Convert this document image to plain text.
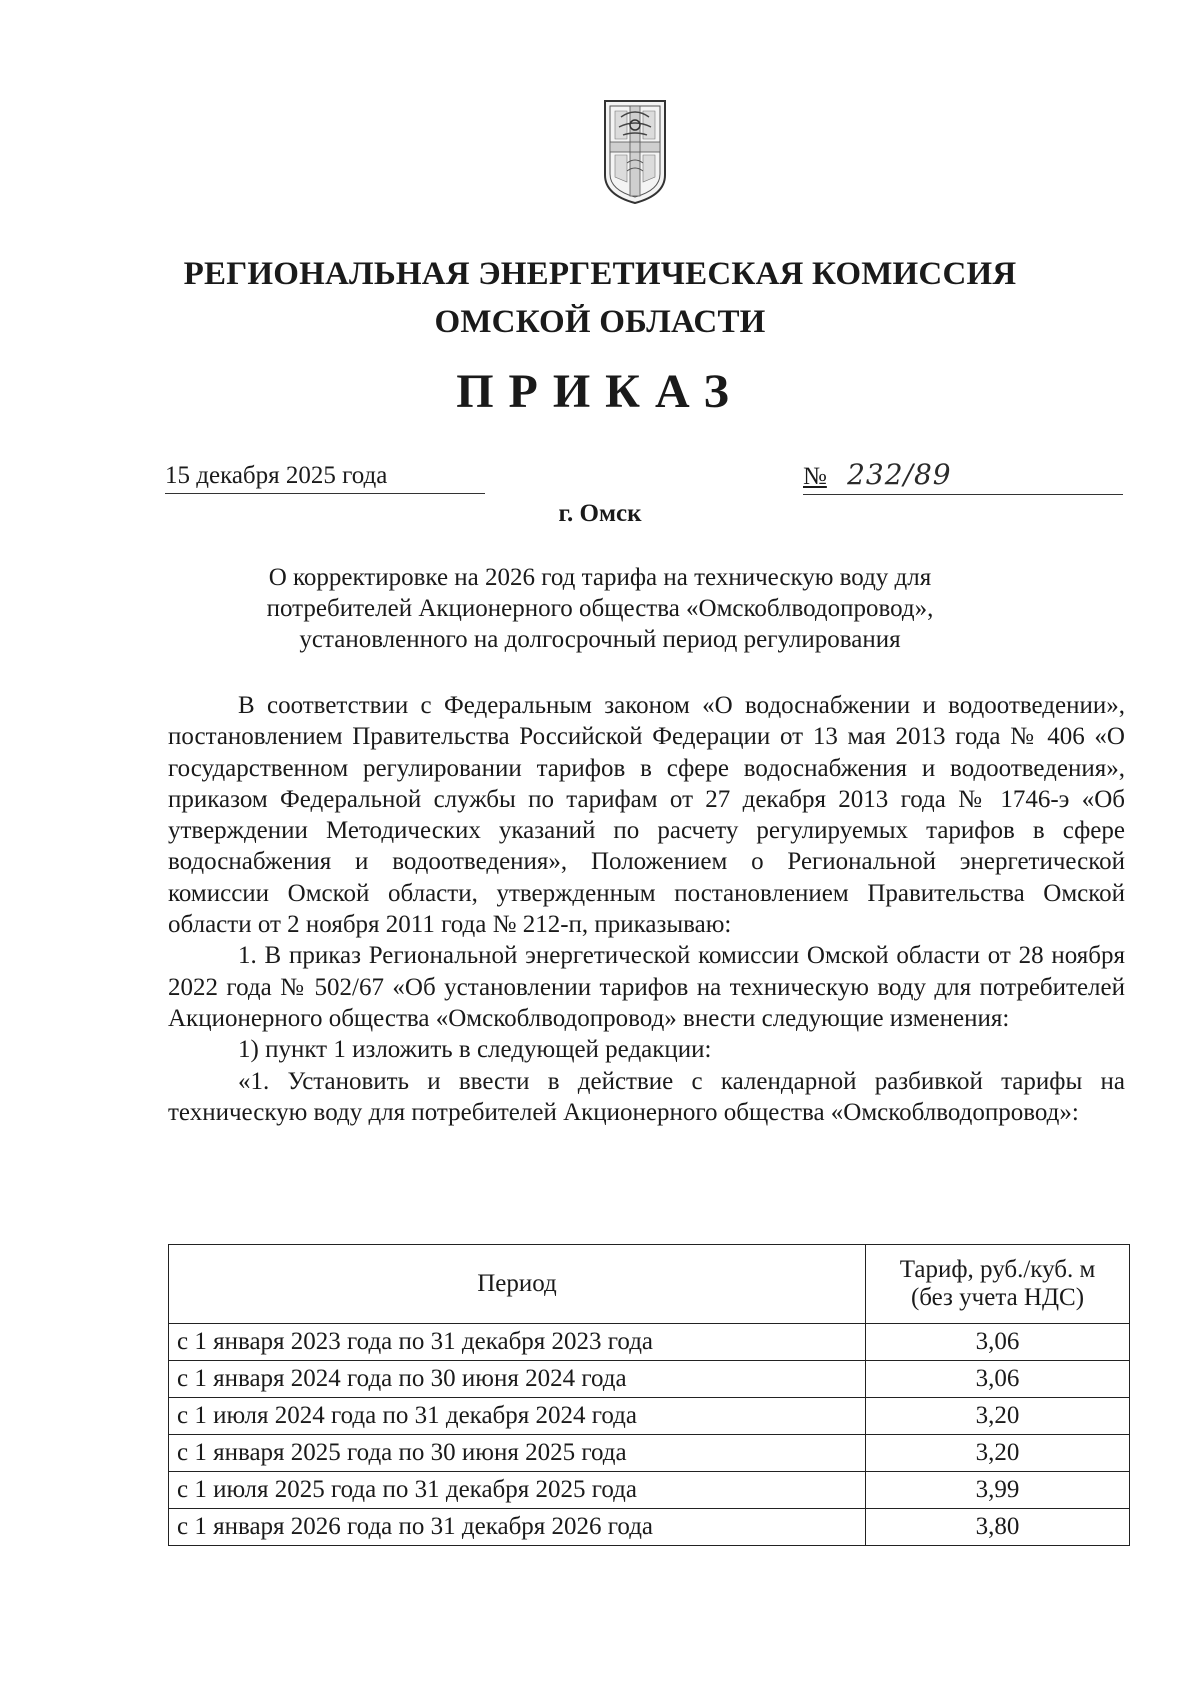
РЕГИОНАЛЬНАЯ ЭНЕРГЕТИЧЕСКАЯ КОМИССИЯ
ОМСКОЙ ОБЛАСТИ
ПРИКАЗ
15 декабря 2025 года	№ 232/89
г. Омск
О корректировке на 2026 год тарифа на техническую воду для
потребителей Акционерного общества «Омскоблводопровод»,
установленного на долгосрочный период регулирования

В соответствии с Федеральным законом «О водоснабжении и водоотведении», постановлением Правительства Российской Федерации от 13 мая 2013 года № 406 «О государственном регулировании тарифов в сфере водоснабжения и водоотведения», приказом Федеральной службы по тарифам от 27 декабря 2013 года № 1746-э «Об утверждении Методических указаний по расчету регулируемых тарифов в сфере водоснабжения и водоотведения», Положением о Региональной энергетической комиссии Омской области, утвержденным постановлением Правительства Омской области от 2 ноября 2011 года № 212-п, приказываю:

1. В приказ Региональной энергетической комиссии Омской области от 28 ноября 2022 года № 502/67 «Об установлении тарифов на техническую воду для потребителей Акционерного общества «Омскоблводопровод» внести следующие изменения:

1) пункт 1 изложить в следующей редакции:

«1. Установить и ввести в действие с календарной разбивкой тарифы на техническую воду для потребителей Акционерного общества «Омскоблводопровод»:

Период	Тариф, руб./куб. м
(без учета НДС)

с 1 января 2023 года по 31 декабря 2023 года	3,06
с 1 января 2024 года по 30 июня 2024 года	3,06
с 1 июля 2024 года по 31 декабря 2024 года	3,20
с 1 января 2025 года по 30 июня 2025 года	3,20
с 1 июля 2025 года по 31 декабря 2025 года	3,99
с 1 января 2026 года по 31 декабря 2026 года	3,80
